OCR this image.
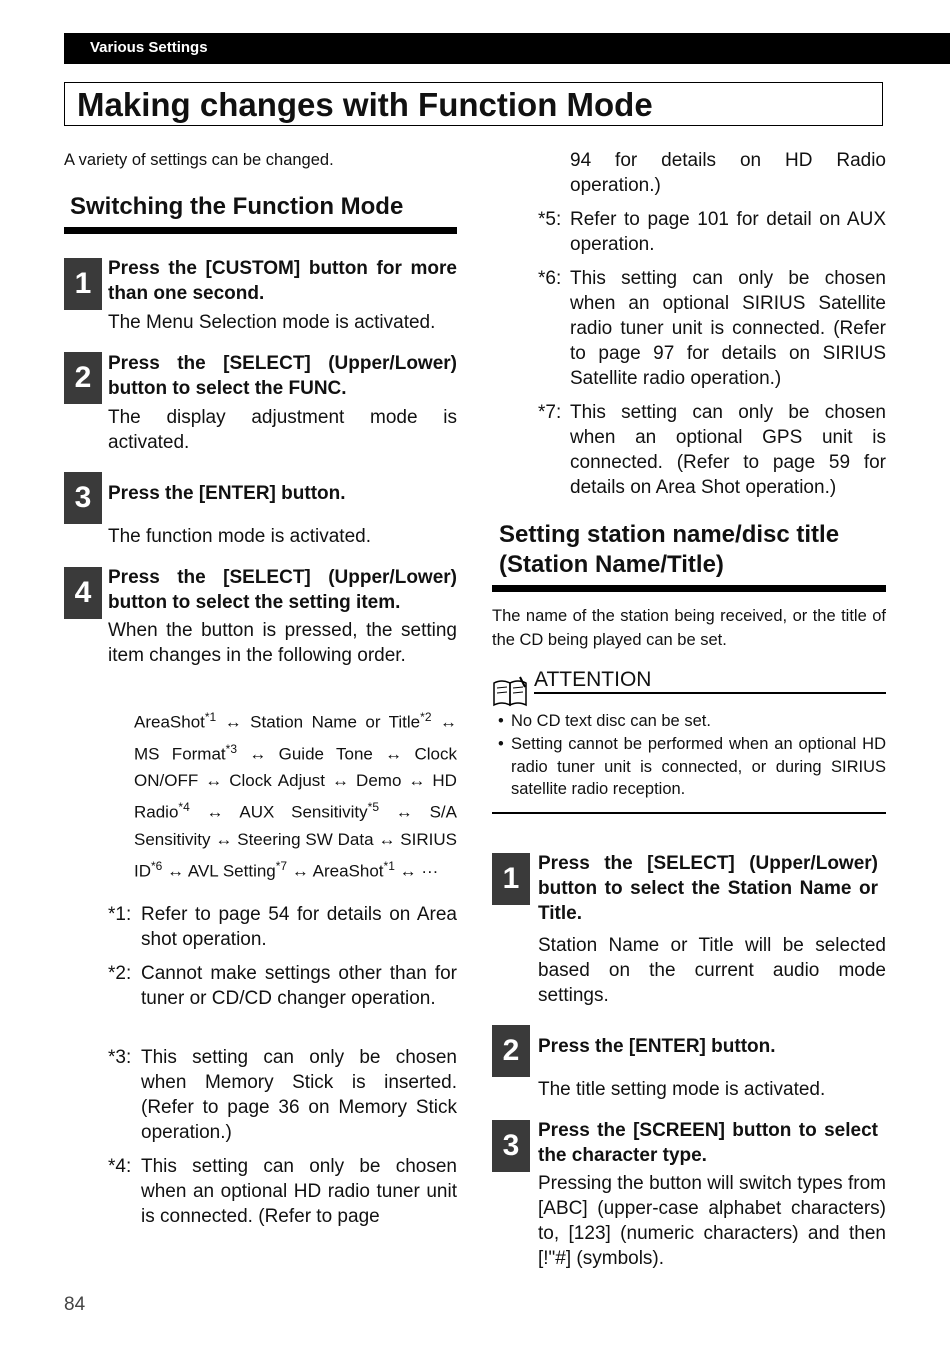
Various Settings
Making changes with Function Mode

A variety of settings can be changed.

Switching the Function Mode
1 Press the [CUSTOM] button for more than one second.
The Menu Selection mode is activated.
2 Press the [SELECT] (Upper/Lower) button to select the FUNC.
The display adjustment mode is activated.
3 Press the [ENTER] button.
The function mode is activated.
4 Press the [SELECT] (Upper/Lower) button to select the setting item.
When the button is pressed, the setting item changes in the following order.
AreaShot$^{*1}$ ↔ Station Name or Title$^{*2}$ ↔ MS Format$^{*3}$ ↔ Guide Tone ↔ Clock ON/OFF ↔ Clock Adjust ↔ Demo ↔ HD Radio$^{*4}$ ↔ AUX Sensitivity$^{*5}$ ↔ S/A Sensitivity ↔ Steering SW Data ↔ SIRIUS ID$^{*6}$ ↔ AVL Setting$^{*7}$ ↔ AreaShot$^{*1}$ ↔ ···
*1: Refer to page 54 for details on Area shot operation.
*2: Cannot make settings other than for tuner or CD/CD changer operation.
*3: This setting can only be chosen when Memory Stick is inserted. (Refer to page 36 on Memory Stick operation.)
*4: This setting can only be chosen when an optional HD radio tuner unit is connected. (Refer to page
94 for details on HD Radio operation.)
*5: Refer to page 101 for detail on AUX operation.
*6: This setting can only be chosen when an optional SIRIUS Satellite radio tuner unit is connected. (Refer to page 97 for details on SIRIUS Satellite radio operation.)
*7: This setting can only be chosen when an optional GPS unit is connected. (Refer to page 59 for details on Area Shot operation.)
Setting station name/disc title
(Station Name/Title)
The name of the station being received, or the title of the CD being played can be set.
ATTENTION
• No CD text disc can be set.
• Setting cannot be performed when an optional HD radio tuner unit is connected, or during SIRIUS satellite radio reception.
1 Press the [SELECT] (Upper/Lower) button to select the Station Name or Title.
Station Name or Title will be selected based on the current audio mode settings.
2 Press the [ENTER] button.
The title setting mode is activated.
3 Press the [SCREEN] button to select the character type.
Pressing the button will switch types from [ABC] (upper-case alphabet characters) to, [123] (numeric characters) and then [!"#] (symbols).
84
